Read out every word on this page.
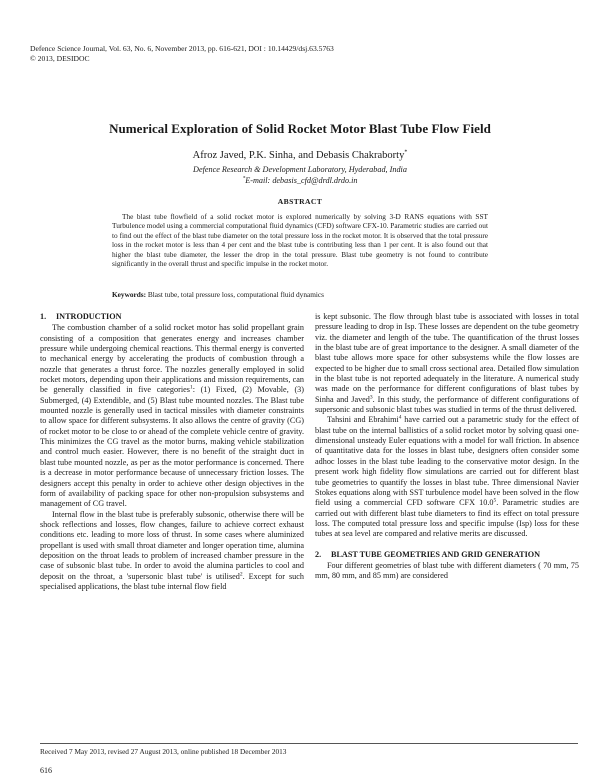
Defence Science Journal, Vol. 63, No. 6, November 2013, pp. 616-621, DOI : 10.14429/dsj.63.5763
© 2013, DESIDOC
Numerical Exploration of Solid Rocket Motor Blast Tube Flow Field
Afroz Javed, P.K. Sinha, and Debasis Chakraborty*
Defence Research & Development Laboratory, Hyderabad, India
*E-mail: debasis_cfd@drdl.drdo.in
ABSTRACT
The blast tube flowfield of a solid rocket motor is explored numerically by solving 3-D RANS equations with SST Turbulence model using a commercial computational fluid dynamics (CFD) software CFX-10. Parametric studies are carried out to find out the effect of the blast tube diameter on the total pressure loss in the rocket motor. It is observed that the total pressure loss in the rocket motor is less than 4 per cent and the blast tube is contributing less than 1 per cent. It is also found out that higher the blast tube diameter, the lesser the drop in the total pressure. Blast tube geometry is not found to contribute significantly in the overall thrust and specific impulse in the rocket motor.
Keywords: Blast tube, total pressure loss, computational fluid dynamics
1.	INTRODUCTION

The combustion chamber of a solid rocket motor has solid propellant grain consisting of a composition that generates energy and increases chamber pressure while undergoing chemical reactions. This thermal energy is converted to mechanical energy by accelerating the products of combustion through a nozzle that generates a thrust force. The nozzles generally employed in solid rocket motors, depending upon their applications and mission requirements, can be generally classified in five categories$^1$: (1) Fixed, (2) Movable, (3) Submerged, (4) Extendible, and (5) Blast tube mounted nozzles. The Blast tube mounted nozzle is generally used in tactical missiles with diameter constraints to allow space for different subsystems. It also allows the centre of gravity (CG) of rocket motor to be close to or ahead of the complete vehicle centre of gravity. This minimizes the CG travel as the motor burns, making vehicle stabilization and control much easier. However, there is no benefit of the straight duct in blast tube mounted nozzle, as per as the motor performance is concerned. There is a decrease in motor performance because of unnecessary friction losses. The designers accept this penalty in order to achieve other design objectives in the form of availability of packing space for other non-propulsion subsystems and management of CG travel.

Internal flow in the blast tube is preferably subsonic, otherwise there will be shock reflections and losses, flow changes, failure to achieve correct exhaust conditions etc. leading to more loss of thrust. In some cases where aluminized propellant is used with small throat diameter and longer operation time, alumina deposition on the throat leads to problem of increased chamber pressure in the case of subsonic blast tube. In order to avoid the alumina particles to cool and deposit on the throat, a 'supersonic blast tube' is utilised$^2$. Except for such specialised applications, the blast tube internal flow field

is kept subsonic. The flow through blast tube is associated with losses in total pressure leading to drop in Isp. These losses are dependent on the tube geometry viz. the diameter and length of the tube. The quantification of the thrust losses in the blast tube are of great importance to the designer. A small diameter of the blast tube allows more space for other subsystems while the flow losses are expected to be higher due to small cross sectional area. Detailed flow simulation in the blast tube is not reported adequately in the literature. A numerical study was made on the performance for different configurations of blast tubes by Sinha and Javed$^3$. In this study, the performance of different configurations of supersonic and subsonic blast tubes was studied in terms of the thrust delivered.

Tahsini and Ebrahimi$^4$ have carried out a parametric study for the effect of blast tube on the internal ballistics of a solid rocket motor by solving quasi one-dimensional unsteady Euler equations with a model for wall friction. In absence of quantitative data for the losses in blast tube, designers often consider some adhoc losses in the blast tube leading to the conservative motor design. In the present work high fidelity flow simulations are carried out for different blast tube geometries to quantify the losses in blast tube. Three dimensional Navier Stokes equations along with SST turbulence model have been solved in the flow field using a commercial CFD software CFX 10.0$^5$. Parametric studies are carried out with different blast tube diameters to find its effect on total pressure loss. The computed total pressure loss and specific impulse (Isp) loss for these tubes at sea level are compared and relative merits are discussed.

2.	BLAST TUBE GEOMETRIES AND GRID GENERATION

Four different geometries of blast tube with different diameters ( 70 mm, 75 mm, 80 mm, and 85 mm) are considered

Received 7 May 2013, revised 27 August 2013, online published 18 December 2013
616
